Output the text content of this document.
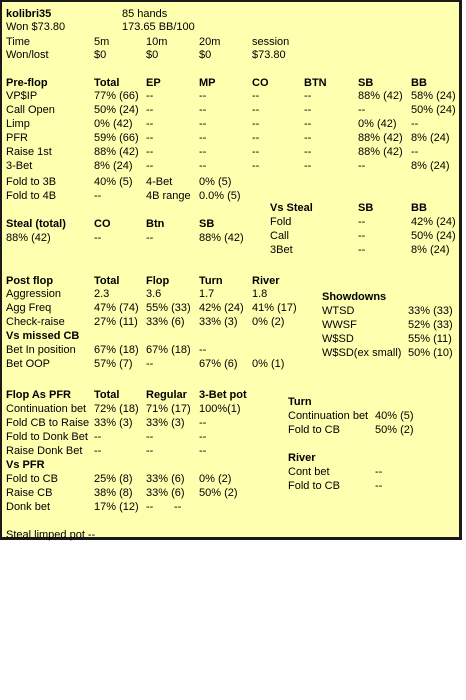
kolibri35	85 hands
Won $73.80	173.65 BB/100
Time	5m	10m	20m	session
Won/lost	$0	$0	$0	$73.80
Pre-flop	Total EP	MP	CO	BTN	SB	BB
VP$IP	77% (66) --	--	--	--	88% (42) 58% (24)
Call Open	50% (24) --	--	--	--	--	50% (24)
Limp	0% (42) --	--	--	--	0% (42) --
PFR	59% (66) --	--	--	--	88% (42) 8% (24)
Raise 1st	88% (42) --	--	--	--	88% (42) --
3-Bet	8% (24) --	--	--	--	--	8% (24)
Fold to 3B	40% (5) 4-Bet 0% (5)
Fold to 4B	--	4B range 0.0% (5)
Vs Steal	SB	BB
Fold	--	42% (24)
Call	--	50% (24)
3Bet	--	8% (24)
Steal (total)	CO	Btn	SB
88% (42)	--	--	88% (42)
Post flop	Total Flop	Turn	River
Aggression	2.3	3.6	1.7	1.8
Agg Freq	47% (74) 55% (33) 42% (24) 41% (17)
Check-raise	27% (11) 33% (6) 33% (3) 0% (2)
Vs missed CB
Bet In position 67% (18) 67% (18) --
Bet OOP	57% (7) --	67% (6) 0% (1)
Showdowns
WTSD	33% (33)
WWSF	52% (33)
W$SD	55% (11)
W$SD(ex small) 50% (10)
Flop As PFR Total Regular 3-Bet pot
Continuation bet 72% (18) 71% (17) 100%(1)
Fold CB to Raise 33% (3) 33% (3) --
Fold to Donk Bet --	--	--
Raise Donk Bet --	--	--
Vs PFR
Fold to CB	25% (8) 33% (6) 0% (2)
Raise CB	38% (8) 33% (6) 50% (2)
Donk bet	17% (12) -- --
Turn
Continuation bet 40% (5)
Fold to CB	50% (2)
River
Cont bet	--
Fold to CB	--
Steal limped pot --
